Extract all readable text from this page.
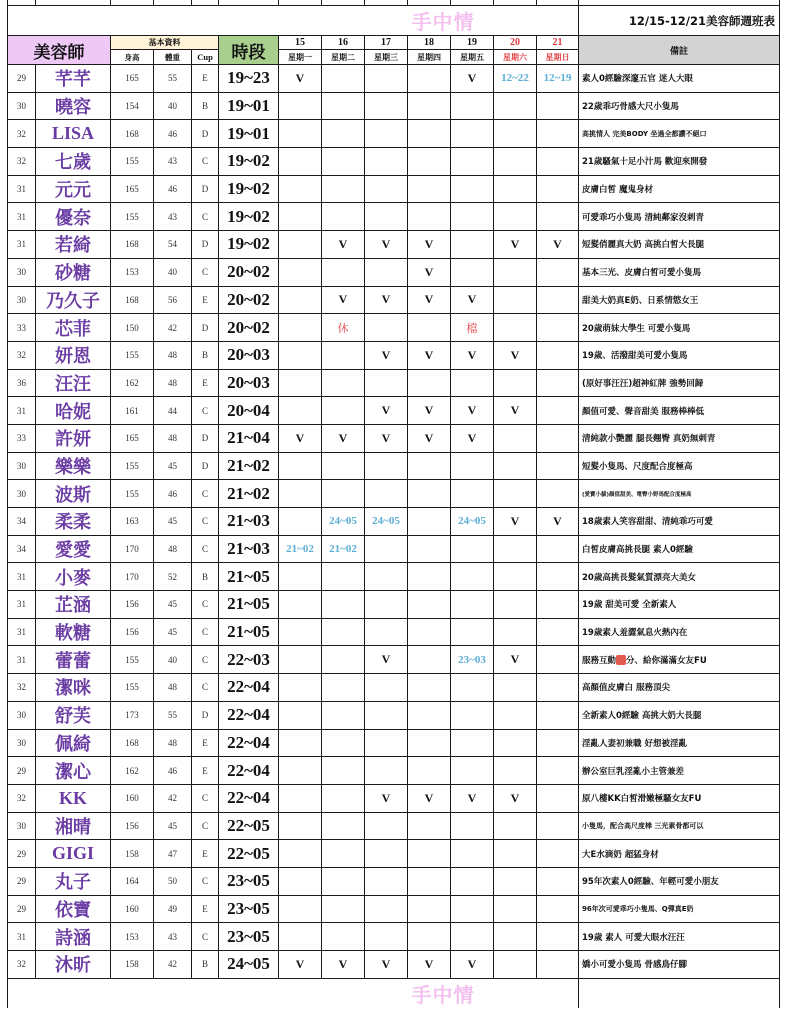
手中情													12/15-12/21美容師週班表
美容師		基本資料			時段	15	16	17	18	19	20	21	備註
		身高	體重	Cup		星期一	星期二	星期三	星期四	星期五	星期六	星期日	
29	芊芊	165	55	E	19~23	V				V	12~22	12~19	素人0經驗深邃五官 迷人大眼
30	曉容	154	40	B	19~01								22歲乖巧骨感大尺小隻馬
32	LISA	168	46	D	19~01								高挑情人 完美BODY 坐過全都讚不絕口
32	七歲	155	43	C	19~02								21歲騷氣十足小汁馬 歡迎來開發
31	元元	165	46	D	19~02								皮膚白皙 魔鬼身材
31	優奈	155	43	C	19~02								可愛乖巧小隻馬 清純鄰家沒刺青
31	若綺	168	54	D	19~02		V	V	V		V	V	短髮俏麗真大奶 高挑白皙大長腿
30	砂糖	153	40	C	20~02				V				基本三光、皮膚白皙可愛小隻馬
30	乃久子	168	56	E	20~02		V	V	V	V			甜美大奶真E奶、日系情慾女王
33	芯菲	150	42	D	20~02		休			檔			20歲萌妹大學生 可愛小隻馬
32	妍恩	155	48	B	20~03			V	V	V	V		19歲、活潑甜美可愛小隻馬
36	汪汪	162	48	E	20~03								(原好事汪汪)超神紅牌 強勢回歸
31	哈妮	161	44	C	20~04			V	V	V	V		顏值可愛、聲音甜美 服務棒棒低
33	許妍	165	48	D	21~04	V	V	V	V	V			清純款小艷麗 腿長翹臀 真奶無刺青
30	樂樂	155	45	D	21~02								短髮小隻馬、尺度配合度極高
30	波斯	155	46	C	21~02								(愛寶小貓)顏值甜美、電臀小野馬配合度極高
34	柔柔	163	45	C	21~03		24~05	24~05		24~05	V	V	18歲素人笑容甜甜、清純乖巧可愛
34	愛愛	170	48	C	21~03	21~02	21~02						白皙皮膚高挑長腿 素人0經驗
31	小麥	170	52	B	21~05								20歲高挑長髮氣質漂亮大美女
31	芷涵	156	45	C	21~05								19歲 甜美可愛 全新素人
31	軟糖	156	45	C	21~05								19歲素人羞澀氣息火熱內在
31	蕾蕾	155	40	C	22~03			V		23~03	V		服務互動 分、給你滿滿女友FU
32	潔咪	155	48	C	22~04								高顏值皮膚白 服務頂尖
30	舒芙	173	55	D	22~04								全新素人0經驗 高挑大奶大長腿
30	佩綺	168	48	E	22~04								淫亂人妻初兼職 好想被淫亂
29	潔心	162	46	E	22~04								辦公室巨乳淫亂小主管兼差
32	KK	160	42	C	22~04			V	V	V	V		原八樓KK白皙滑嫩極騷女友FU
30	湘晴	156	45	C	22~05								小隻馬，配合高尺度棒 三光素骨都可以
29	GIGI	158	47	E	22~05								大E水滴奶 超猛身材
29	丸子	164	50	C	23~05								95年次素人0經驗、年輕可愛小朋友
29	依寶	160	49	E	23~05								96年次可愛乖巧小隻馬、Q彈真E奶
31	詩涵	153	43	C	23~05								19歲 素人 可愛大眼水汪汪
32	沐昕	158	42	B	24~05	V	V	V	V	V			嬌小可愛小隻馬 骨感鳥仔腳
手中情													
